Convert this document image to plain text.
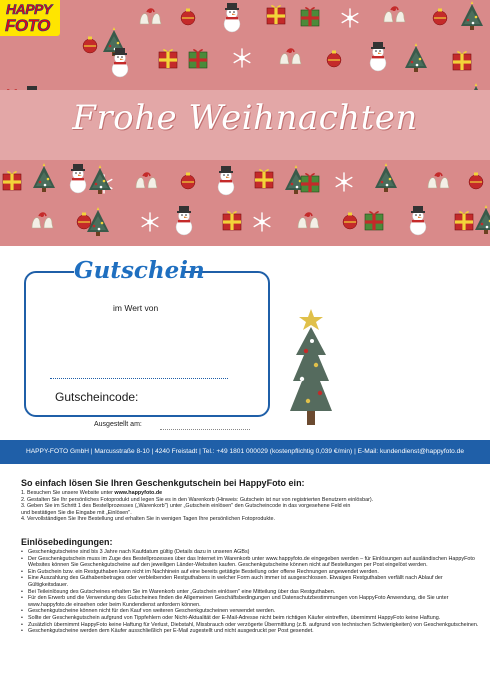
Frohe Weihnachten
HAPPY
FOTO
Gutschein
im Wert von
Gutscheincode:
Ausgestellt am:
HAPPY-FOTO GmbH | Marcusstraße 8-10 | 4240 Freistadt | Tel.: +49 1801 000029 (kostenpflichtig 0,039 €/min) | E-Mail: kundendienst@happyfoto.de
So einfach lösen Sie Ihren Geschenkgutschein bei HappyFoto ein:
1. Besuchen Sie unsere Website unter www.happyfoto.de
2. Gestalten Sie Ihr persönliches Fotoprodukt und legen Sie es in den Warenkorb (Hinweis: Gutschein ist nur von registrierten Benutzern einlösbar).
3. Geben Sie im Schritt 1 des Bestellprozesses („Warenkorb") unter „Gutschein einlösen" den Gutscheincode in das vorgesehene Feld ein
und bestätigen Sie die Eingabe mit „Einlösen".
4. Vervollständigen Sie Ihre Bestellung und erhalten Sie in wenigen Tagen Ihre persönlichen Fotoprodukte.
Einlösebedingungen:
• Geschenkgutscheine sind bis 3 Jahre nach Kaufdatum gültig (Details dazu in unseren AGBs)
• Der Geschenkgutschein muss im Zuge des Bestellprozesses über das Internet im Warenkorb unter www.happyfoto.de eingegeben werden – für Einlösungen auf ausländischen HappyFoto Websites können Sie Geschenkgutscheine auf den jeweiligen Länder-Websiten kaufen. Geschenkgutscheine können nicht auf Bestellungen per Post eingelöst werden.
• Ein Gutschein bzw. ein Restguthaben kann nicht im Nachhinein auf eine bereits getätigte Bestellung oder offene Rechnungen angewendet werden.
• Eine Auszahlung des Guthabenbetrages oder verbleibenden Restguthabens in welcher Form auch immer ist ausgeschlossen. Etwaiges Restguthaben verfällt nach Ablauf der Gültigkeitsdauer.
• Bei Teileinlösung des Gutscheines erhalten Sie im Warenkorb unter „Gutschein einlösen" eine Mitteilung über das Restguthaben.
• Für den Erwerb und die Verwendung des Gutscheines finden die Allgemeinen Geschäftsbedingungen und Datenschutzbestimmungen von HappyFoto Anwendung, die Sie unter www.happyfoto.de einsehen oder beim Kundendienst anfordern können.
• Geschenkgutscheine können nicht für den Kauf von weiteren Geschenkgutscheinen verwendet werden.
• Sollte der Geschenkgutschein aufgrund von Tippfehlern oder Nicht-Aktualität der E-Mail-Adresse nicht beim richtigen Käufer eintreffen, übernimmt HappyFoto keine Haftung.
• Zusätzlich übernimmt HappyFoto keine Haftung für Verlust, Diebstahl, Missbrauch oder verzögerte Übermittlung (z.B. aufgrund von technischen Schwierigkeiten) von Geschenkgutscheinen.
• Geschenkgutscheine werden dem Käufer ausschließlich per E-Mail zugestellt und nicht ausgedruckt per Post gesendet.
